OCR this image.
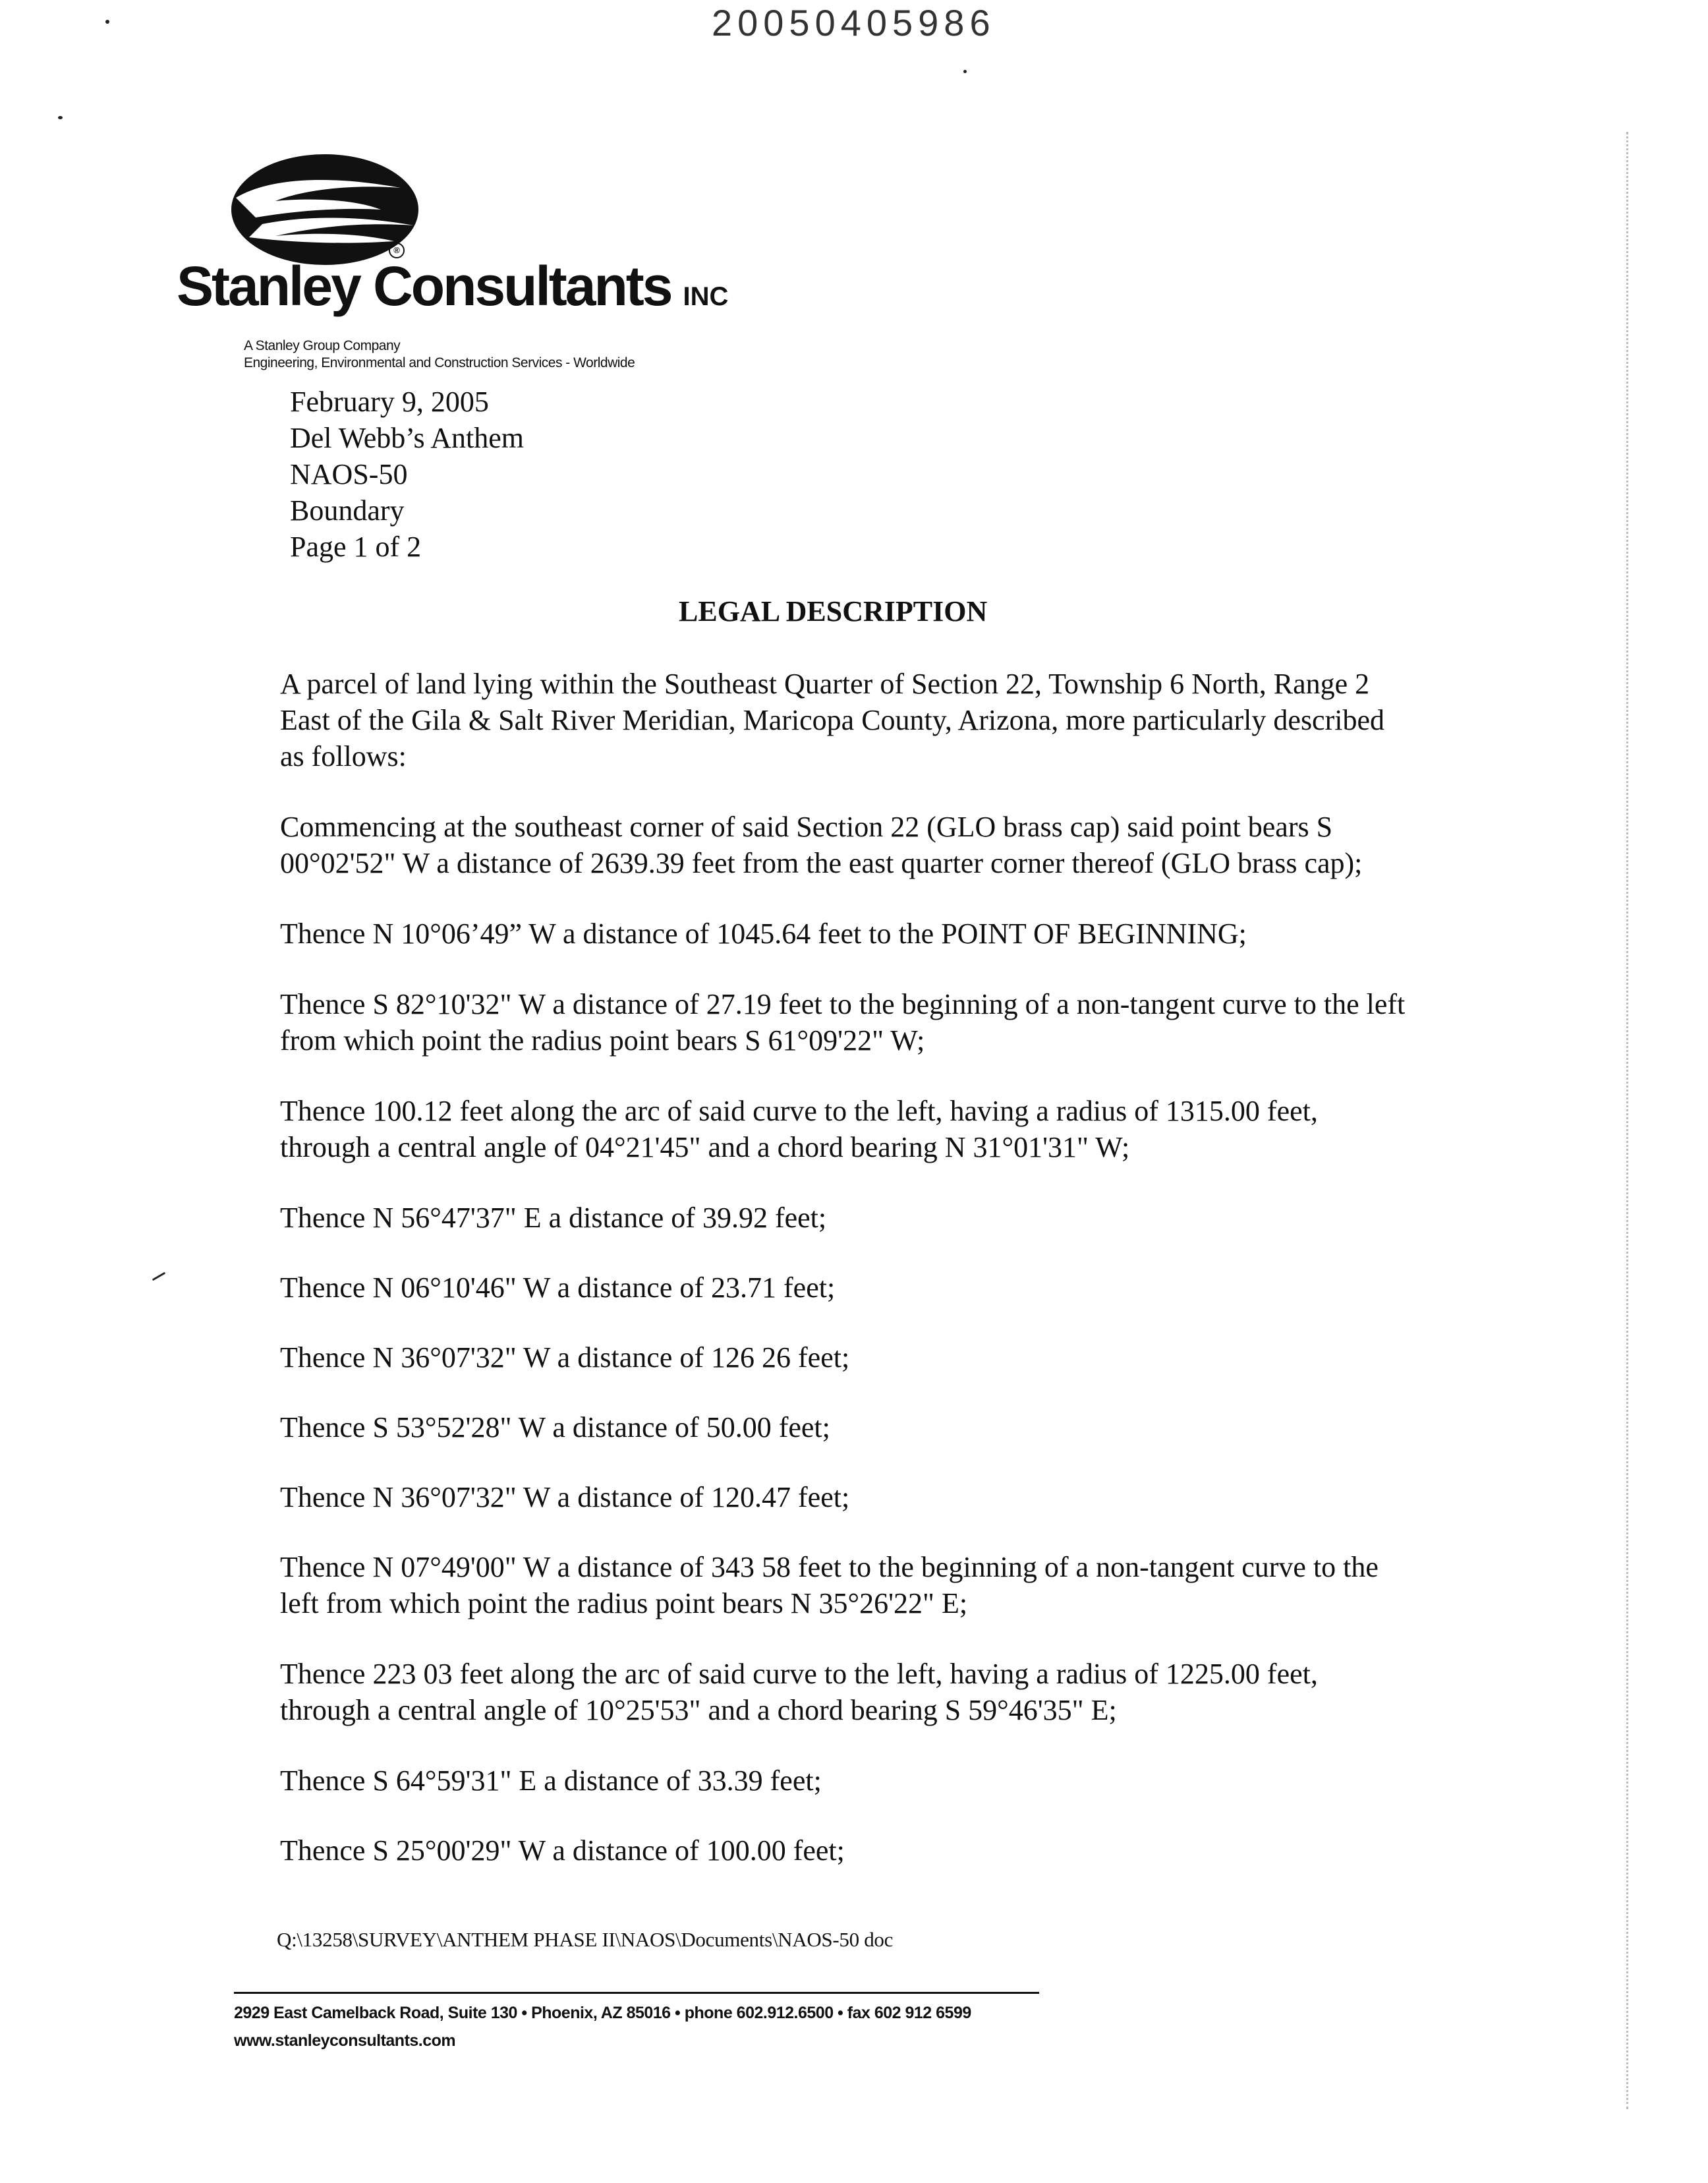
20050405986
®
Stanley Consultants INC
A Stanley Group Company
Engineering, Environmental and Construction Services - Worldwide
February 9, 2005
Del Webb’s Anthem
NAOS-50
Boundary
Page 1 of 2
LEGAL DESCRIPTION

A parcel of land lying within the Southeast Quarter of Section 22, Township 6 North, Range 2 East of the Gila & Salt River Meridian, Maricopa County, Arizona, more particularly described as follows:

Commencing at the southeast corner of said Section 22 (GLO brass cap) said point bears S 00°02'52" W a distance of 2639.39 feet from the east quarter corner thereof (GLO brass cap);

Thence N 10°06’49” W a distance of 1045.64 feet to the POINT OF BEGINNING;

Thence S 82°10'32" W a distance of 27.19 feet to the beginning of a non-tangent curve to the left from which point the radius point bears S 61°09'22" W;

Thence 100.12 feet along the arc of said curve to the left, having a radius of 1315.00 feet, through a central angle of 04°21'45" and a chord bearing N 31°01'31" W;

Thence N 56°47'37" E a distance of 39.92 feet;

Thence N 06°10'46" W a distance of 23.71 feet;

Thence N 36°07'32" W a distance of 126 26 feet;

Thence S 53°52'28" W a distance of 50.00 feet;

Thence N 36°07'32" W a distance of 120.47 feet;

Thence N 07°49'00" W a distance of 343 58 feet to the beginning of a non-tangent curve to the left from which point the radius point bears N 35°26'22" E;

Thence 223 03 feet along the arc of said curve to the left, having a radius of 1225.00 feet, through a central angle of 10°25'53" and a chord bearing S 59°46'35" E;

Thence S 64°59'31" E a distance of 33.39 feet;

Thence S 25°00'29" W a distance of 100.00 feet;

Q:\13258\SURVEY\ANTHEM PHASE II\NAOS\Documents\NAOS-50 doc
2929 East Camelback Road, Suite 130 • Phoenix, AZ 85016 • phone 602.912.6500 • fax 602 912 6599
www.stanleyconsultants.com
